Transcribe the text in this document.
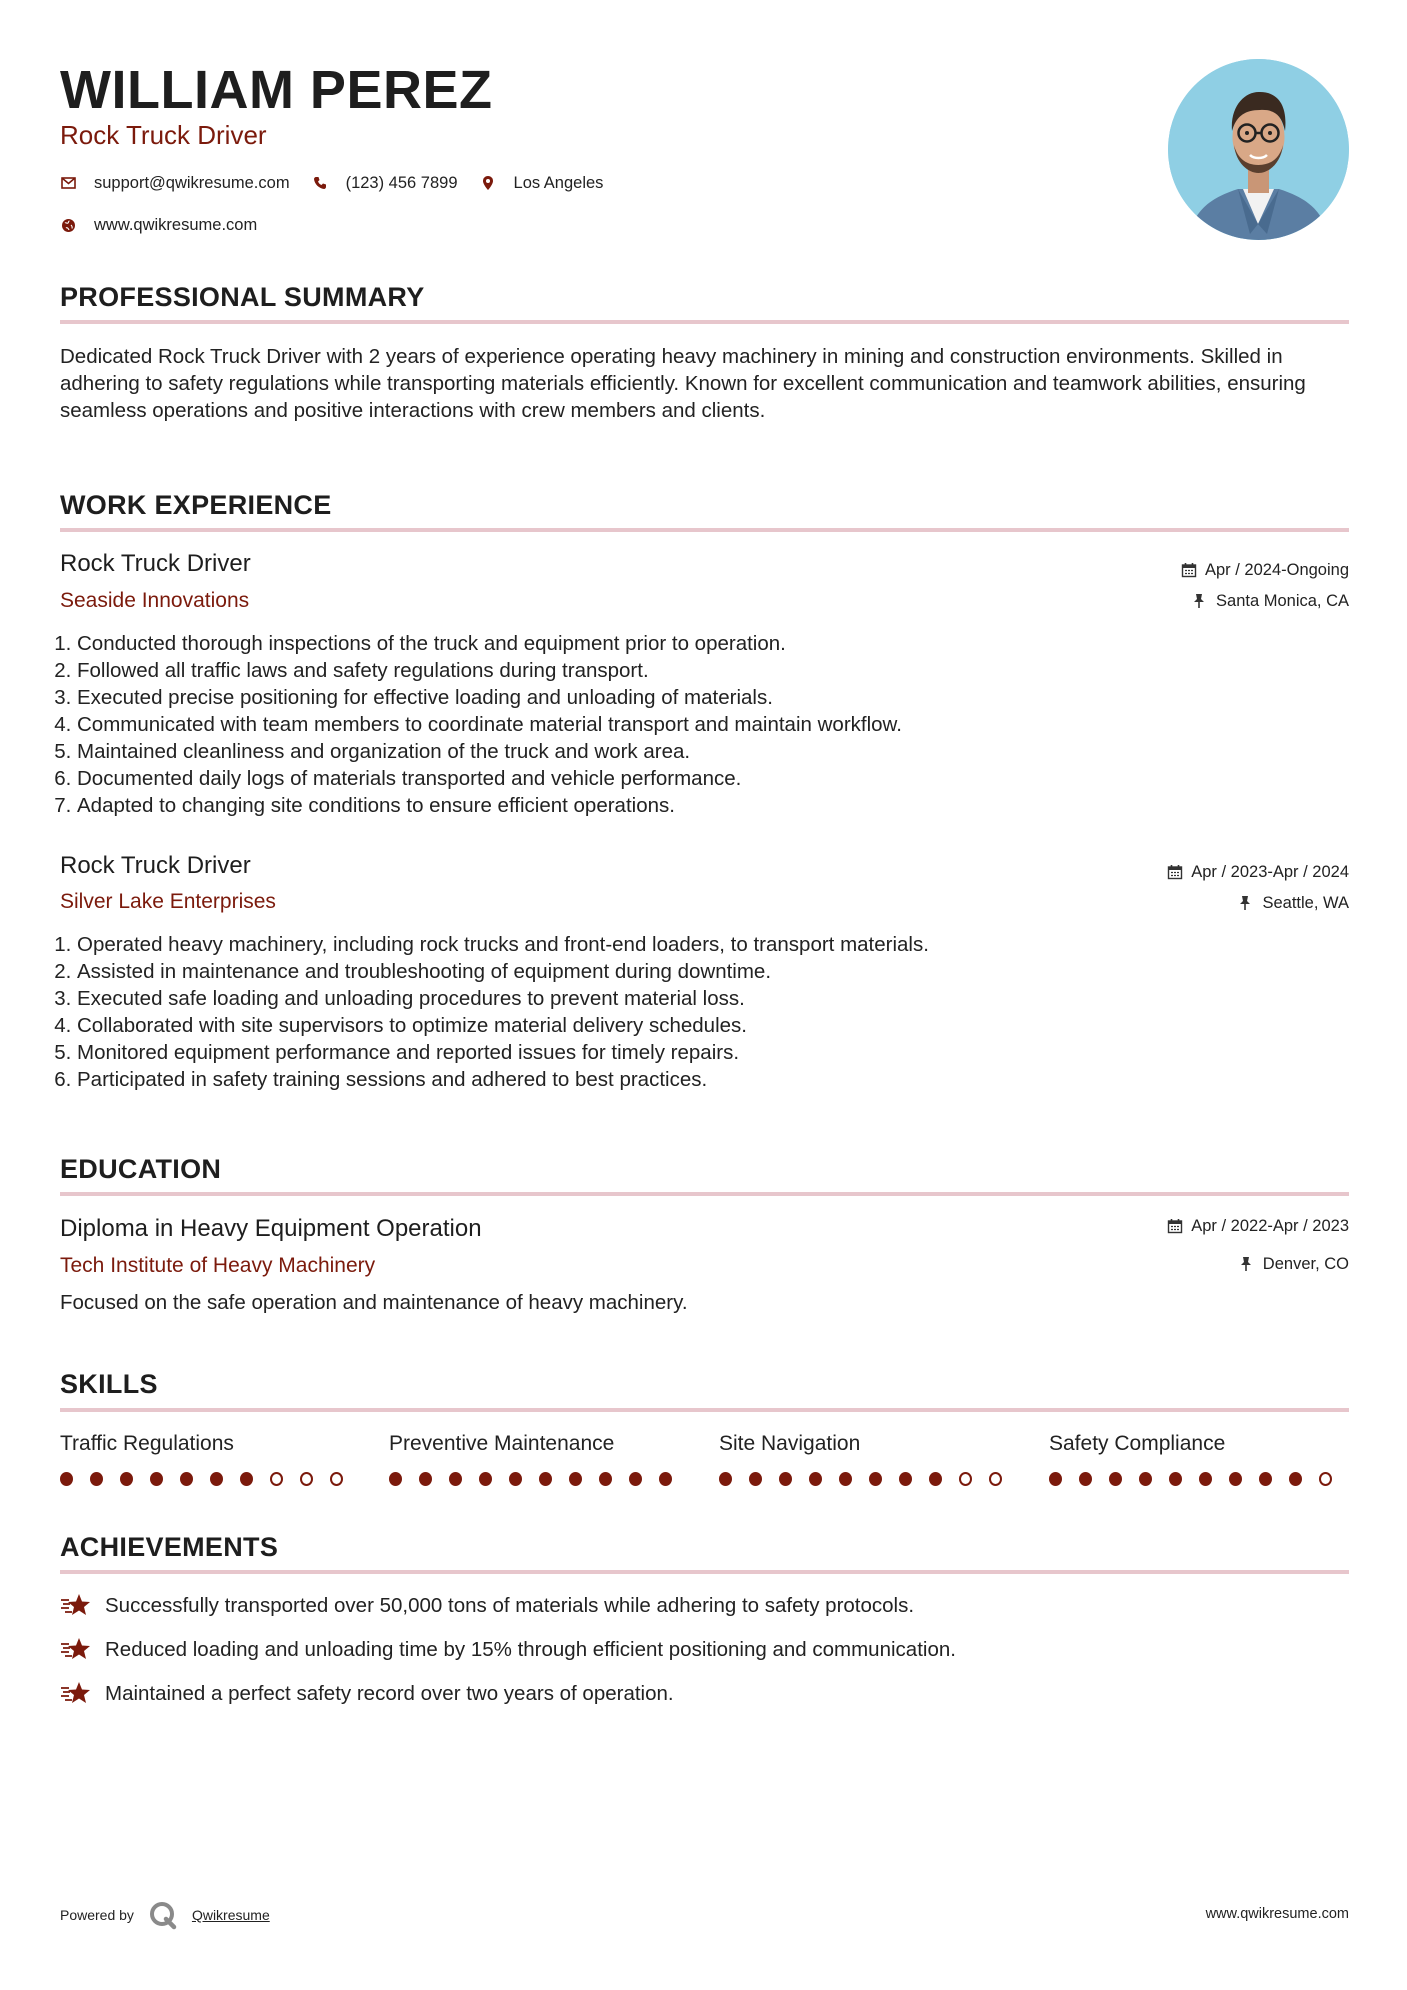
WILLIAM PEREZ
Rock Truck Driver
support@qwikresume.com	(123) 456 7899	Los Angeles
www.qwikresume.com
PROFESSIONAL SUMMARY
Dedicated Rock Truck Driver with 2 years of experience operating heavy machinery in mining and construction environments. Skilled in adhering to safety regulations while transporting materials efficiently. Known for excellent communication and teamwork abilities, ensuring seamless operations and positive interactions with crew members and clients.
WORK EXPERIENCE
Rock Truck Driver
Seaside Innovations
Apr / 2024-Ongoing
Santa Monica, CA
1. Conducted thorough inspections of the truck and equipment prior to operation.
2. Followed all traffic laws and safety regulations during transport.
3. Executed precise positioning for effective loading and unloading of materials.
4. Communicated with team members to coordinate material transport and maintain workflow.
5. Maintained cleanliness and organization of the truck and work area.
6. Documented daily logs of materials transported and vehicle performance.
7. Adapted to changing site conditions to ensure efficient operations.
Rock Truck Driver
Silver Lake Enterprises
Apr / 2023-Apr / 2024
Seattle, WA
1. Operated heavy machinery, including rock trucks and front-end loaders, to transport materials.
2. Assisted in maintenance and troubleshooting of equipment during downtime.
3. Executed safe loading and unloading procedures to prevent material loss.
4. Collaborated with site supervisors to optimize material delivery schedules.
5. Monitored equipment performance and reported issues for timely repairs.
6. Participated in safety training sessions and adhered to best practices.
EDUCATION
Diploma in Heavy Equipment Operation
Tech Institute of Heavy Machinery
Apr / 2022-Apr / 2023
Denver, CO
Focused on the safe operation and maintenance of heavy machinery.
SKILLS
Traffic Regulations	Preventive Maintenance	Site Navigation	Safety Compliance
ACHIEVEMENTS
Successfully transported over 50,000 tons of materials while adhering to safety protocols.
Reduced loading and unloading time by 15% through efficient positioning and communication.
Maintained a perfect safety record over two years of operation.
Powered by	Qwikresume	www.qwikresume.com
